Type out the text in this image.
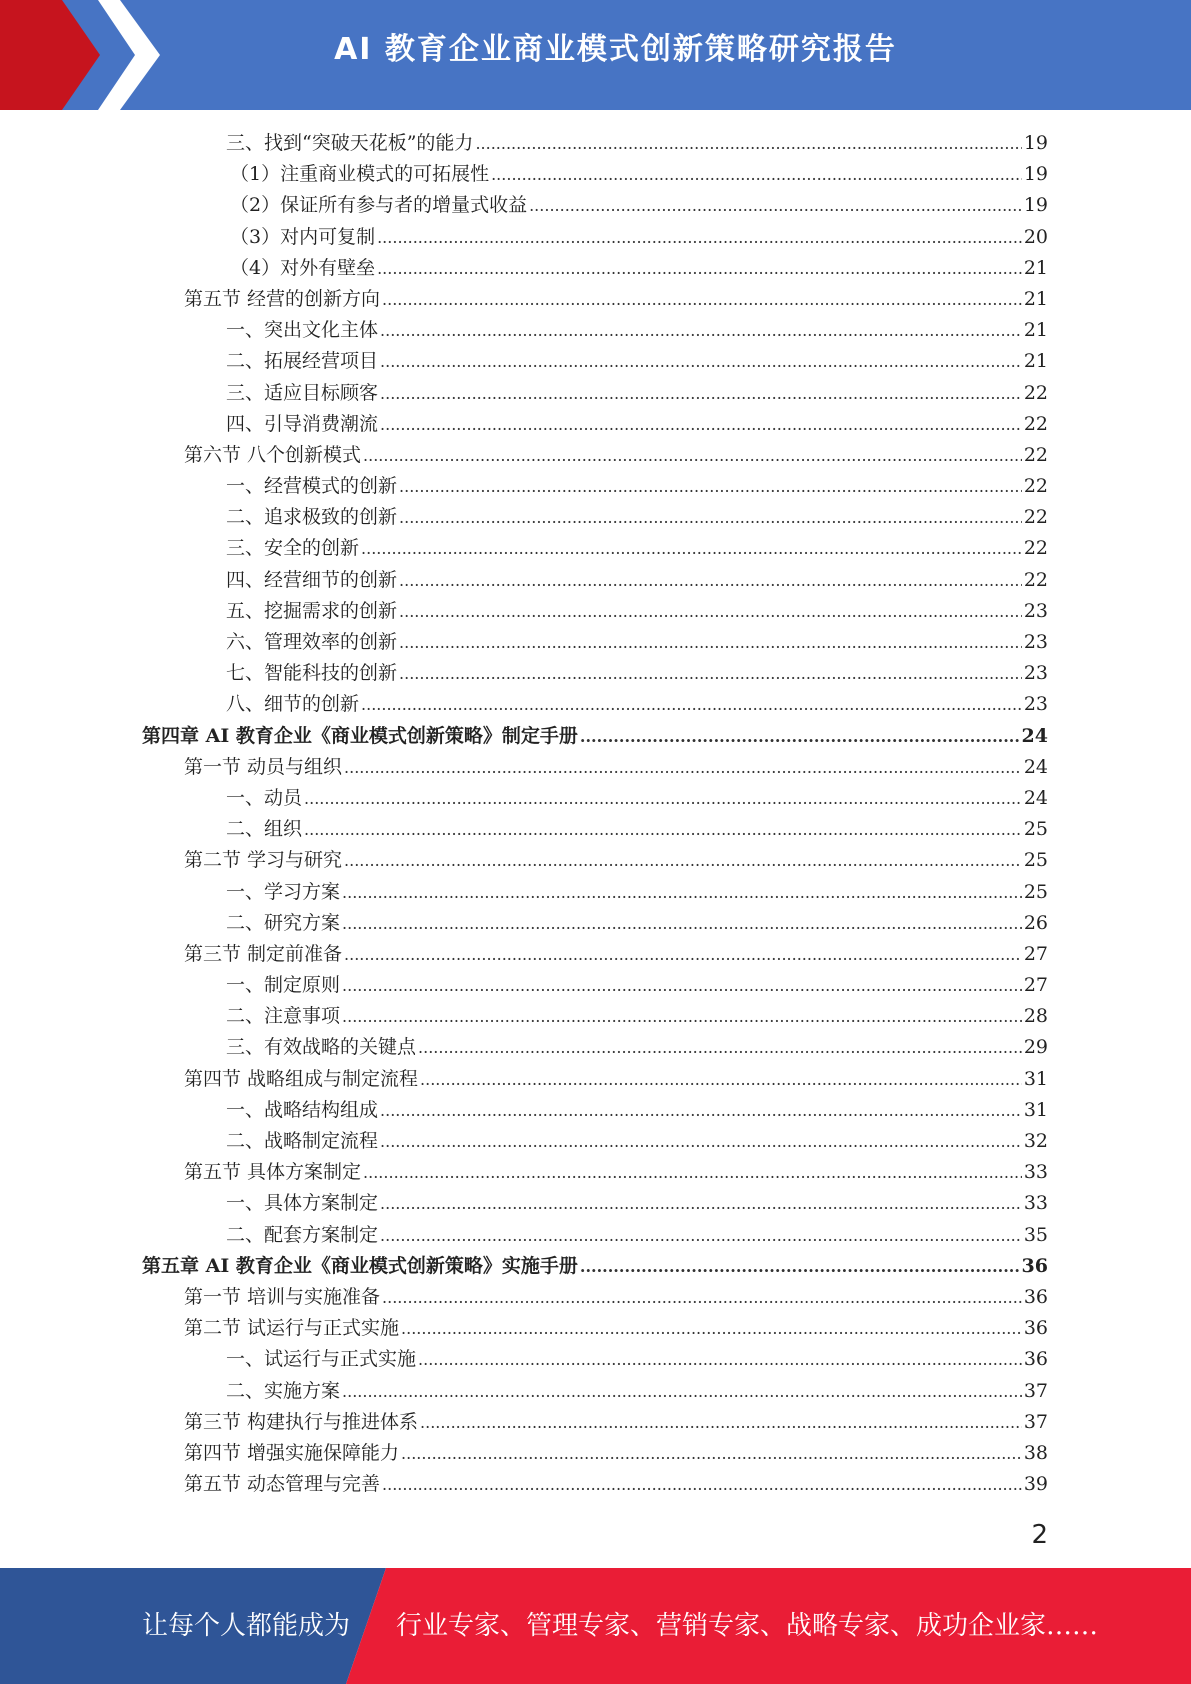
AI 教育企业商业模式创新策略研究报告
三、找到“突破天花板”的能力 .....	19
（1）注重商业模式的可拓展性 .....	19
（2）保证所有参与者的增量式收益 .....	19
（3）对内可复制 .....	20
（4）对外有壁垒 .....	21
第五节 经营的创新方向 .....	21
一、突出文化主体 .....	21
二、拓展经营项目 .....	21
三、适应目标顾客 .....	22
四、引导消费潮流 .....	22
第六节 八个创新模式 .....	22
一、经营模式的创新 .....	22
二、追求极致的创新 .....	22
三、安全的创新 .....	22
四、经营细节的创新 .....	22
五、挖掘需求的创新 .....	23
六、管理效率的创新 .....	23
七、智能科技的创新 .....	23
八、细节的创新 .....	23
第四章 AI 教育企业《商业模式创新策略》制定手册 .....	24
第一节 动员与组织 .....	24
一、动员 .....	24
二、组织 .....	25
第二节 学习与研究 .....	25
一、学习方案 .....	25
二、研究方案 .....	26
第三节 制定前准备 .....	27
一、制定原则 .....	27
二、注意事项 .....	28
三、有效战略的关键点 .....	29
第四节 战略组成与制定流程 .....	31
一、战略结构组成 .....	31
二、战略制定流程 .....	32
第五节 具体方案制定 .....	33
一、具体方案制定 .....	33
二、配套方案制定 .....	35
第五章 AI 教育企业《商业模式创新策略》实施手册 .....	36
第一节 培训与实施准备 .....	36
第二节 试运行与正式实施 .....	36
一、试运行与正式实施 .....	36
二、实施方案 .....	37
第三节 构建执行与推进体系 .....	37
第四节 增强实施保障能力 .....	38
第五节 动态管理与完善 .....	39
2
让每个人都能成为 行业专家、管理专家、营销专家、战略专家、成功企业家……
